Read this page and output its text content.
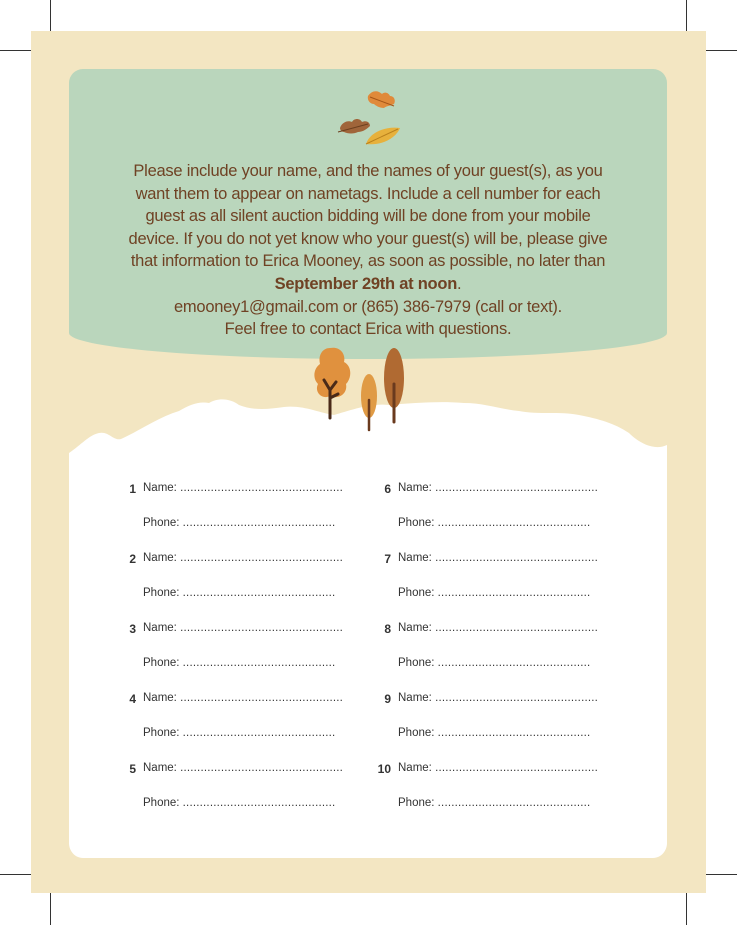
Please include your name, and the names of your guest(s), as you
want them to appear on nametags. Include a cell number for each
guest as all silent auction bidding will be done from your mobile
device. If you do not yet know who your guest(s) will be, please give
that information to Erica Mooney, as soon as possible, no later than
September 29th at noon.
emooney1@gmail.com or (865) 386-7979 (call or text).
Feel free to contact Erica with questions.
1 Name: ................................................
Phone: .............................................
2 Name: ................................................
Phone: .............................................
3 Name: ................................................
Phone: .............................................
4 Name: ................................................
Phone: .............................................
5 Name: ................................................
Phone: .............................................
6 Name: ................................................
Phone: .............................................
7 Name: ................................................
Phone: .............................................
8 Name: ................................................
Phone: .............................................
9 Name: ................................................
Phone: .............................................
10 Name: ................................................
Phone: .............................................
